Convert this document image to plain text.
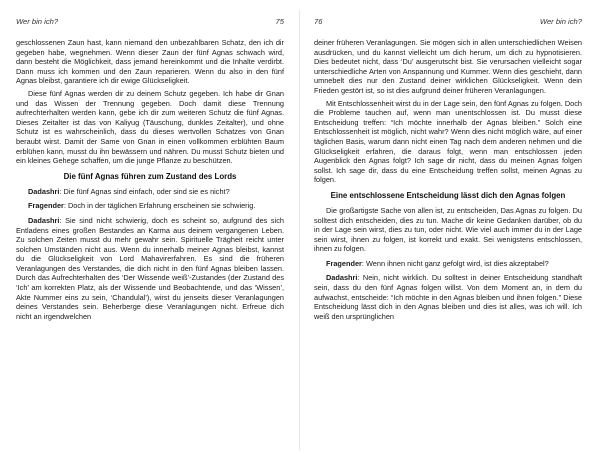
Wer bin ich?	75

geschlossenen Zaun hast, kann niemand den unbezahlbaren Schatz, den ich dir gegeben habe, wegnehmen. Wenn dieser Zaun der fünf Agnas schwach wird, dann besteht die Möglichkeit, dass jemand hereinkommt und die Inhalte verdirbt. Dann muss ich kommen und den Zaun reparieren. Wenn du also in den fünf Agnas bleibst, garantiere ich dir ewige Glückseligkeit.

Diese fünf Agnas werden dir zu deinem Schutz gegeben. Ich habe dir Gnan und das Wissen der Trennung gegeben. Doch damit diese Trennung aufrechterhalten werden kann, gebe ich dir zum weiteren Schutz die fünf Agnas. Dieses Zeitalter ist das von Kaliyug (Täuschung, dunkles Zeitalter), und ohne Schutz ist es wahrscheinlich, dass du dieses wertvollen Schatzes von Gnan beraubt wirst. Damit der Same von Gnan in einen vollkommen erblühten Baum erblühen kann, musst du ihn bewässern und nähren. Du musst Schutz bieten und ein kleines Gehege schaffen, um die junge Pflanze zu beschützen.

Die fünf Agnas führen zum Zustand des Lords

Dadashri: Die fünf Agnas sind einfach, oder sind sie es nicht?

Fragender: Doch in der täglichen Erfahrung erscheinen sie schwierig.

Dadashri: Sie sind nicht schwierig, doch es scheint so, aufgrund des sich Entladens eines großen Bestandes an Karma aus deinem vergangenen Leben. Zu solchen Zeiten musst du mehr gewahr sein. Spirituelle Trägheit reicht unter solchen Umständen nicht aus. Wenn du innerhalb meiner Agnas bleibst, kannst du die Glückseligkeit von Lord Mahavirerfahren. Es sind die früheren Veranlagungen des Verstandes, die dich nicht in den fünf Agnas bleiben lassen. Durch das Aufrechterhalten des ‘Der Wissende weiß’-Zustandes (der Zustand des ‘Ich’ am korrekten Platz, als der Wissende und Beobachtende, und das ‘Wissen’, Akte Nummer eins zu sein, ‘Chandulal’), wirst du jenseits dieser Veranlagungen deines Verstandes sein. Beherberge diese Veranlagungen nicht. Erfreue dich nicht an irgendwelchen

76	Wer bin ich?

deiner früheren Veranlagungen. Sie mögen sich in allen unterschiedlichen Weisen ausdrücken, und du kannst vielleicht um dich herum, um dich zu hypnotisieren. Dies bedeutet nicht, dass ‘Du’ ausgerutscht bist. Sie verursachen vielleicht sogar unterschiedliche Arten von Anspannung und Kummer. Wenn dies geschieht, dann umnebelt dies nur den Zustand deiner wirklichen Glückseligkeit. Wenn dein Frieden gestört ist, so ist dies aufgrund deiner früheren Veranlagungen.

Mit Entschlossenheit wirst du in der Lage sein, den fünf Agnas zu folgen. Doch die Probleme tauchen auf, wenn man unentschlossen ist. Du musst diese Entscheidung treffen: “Ich möchte innerhalb der Agnas bleiben.” Solch eine Entschlossenheit ist möglich, nicht wahr? Wenn dies nicht möglich wäre, auf einer täglichen Basis, warum dann nicht einen Tag nach dem anderen nehmen und die Glückseligkeit erfahren, die daraus folgt, wenn man entschlossen jeden Augenblick den Agnas folgt? Ich sage dir nicht, dass du meinen Agnas folgen sollst. Ich sage dir, dass du eine Entscheidung treffen sollst, meinen Agnas zu folgen.

Eine entschlossene Entscheidung lässt dich den Agnas folgen

Die großartigste Sache von allen ist, zu entscheiden, Das Agnas zu folgen. Du solltest dich entscheiden, dies zu tun. Mache dir keine Gedanken darüber, ob du in der Lage sein wirst, dies zu tun, oder nicht. Wie viel auch immer du in der Lage sein wirst, ihnen zu folgen, ist korrekt und exakt. Sei wenigstens entschlossen, ihnen zu folgen.

Fragender: Wenn ihnen nicht ganz gefolgt wird, ist dies akzeptabel?

Dadashri: Nein, nicht wirklich. Du solltest in deiner Entscheidung standhaft sein, dass du den fünf Agnas folgen willst. Von dem Moment an, in dem du aufwachst, entscheide: “Ich möchte in den Agnas bleiben und ihnen folgen.” Diese Entscheidung lässt dich in den Agnas bleiben und dies ist alles, was ich will. Ich weiß den ursprünglichen
